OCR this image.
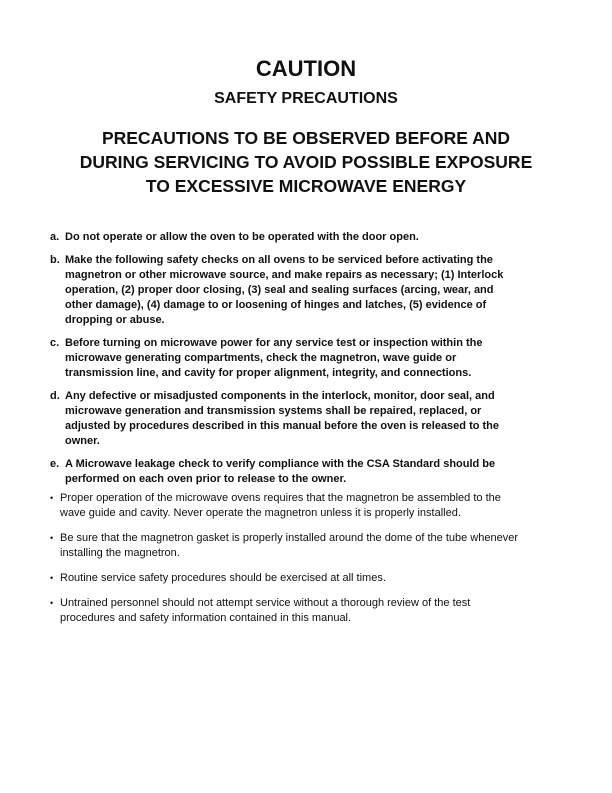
CAUTION
SAFETY PRECAUTIONS
PRECAUTIONS TO BE OBSERVED BEFORE AND
DURING SERVICING TO AVOID POSSIBLE EXPOSURE
TO EXCESSIVE MICROWAVE ENERGY
a. Do not operate or allow the oven to be operated with the door open.
b. Make the following safety checks on all ovens to be serviced before activating the
magnetron or other microwave source, and make repairs as necessary; (1) Interlock
operation, (2) proper door closing, (3) seal and sealing surfaces (arcing, wear, and
other damage), (4) damage to or loosening of hinges and latches, (5) evidence of
dropping or abuse.
c. Before turning on microwave power for any service test or inspection within the
microwave generating compartments, check the magnetron, wave guide or
transmission line, and cavity for proper alignment, integrity, and connections.
d. Any defective or misadjusted components in the interlock, monitor, door seal, and
microwave generation and transmission systems shall be repaired, replaced, or
adjusted by procedures described in this manual before the oven is released to the
owner.
e. A Microwave leakage check to verify compliance with the CSA Standard should be
performed on each oven prior to release to the owner.
• Proper operation of the microwave ovens requires that the magnetron be assembled to the
wave guide and cavity. Never operate the magnetron unless it is properly installed.
• Be sure that the magnetron gasket is properly installed around the dome of the tube whenever
installing the magnetron.
• Routine service safety procedures should be exercised at all times.
• Untrained personnel should not attempt service without a thorough review of the test
procedures and safety information contained in this manual.
